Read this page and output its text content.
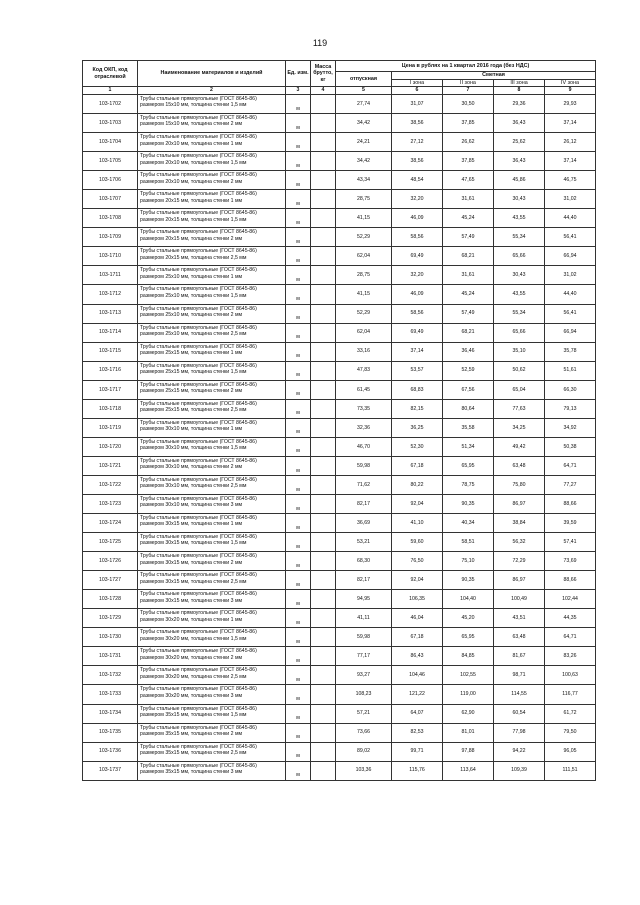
119
Код ОКП, код отраслевой	Наименование материалов и изделий	Ед. изм.	Масса брутто, кг	Цена в рублях на 1 квартал 2016 года (без НДС)				
				отпускная	Сметная			
					I зона	II зона	III зона	IV зона
1	2	3	4	5	6	7	8	9
103-1702	Трубы стальные прямоугольные (ГОСТ 8645-86)
размером 15х10 мм, толщина стенки 1,5 мм	м		27,74	31,07	30,50	29,36	29,93
103-1703	Трубы стальные прямоугольные (ГОСТ 8645-86)
размером 15х10 мм, толщина стенки 2 мм	м		34,42	38,56	37,85	36,43	37,14
103-1704	Трубы стальные прямоугольные (ГОСТ 8645-86)
размером 20х10 мм, толщина стенки 1 мм	м		24,21	27,12	26,62	25,62	26,12
103-1705	Трубы стальные прямоугольные (ГОСТ 8645-86)
размером 20х10 мм, толщина стенки 1,5 мм	м		34,42	38,56	37,85	36,43	37,14
103-1706	Трубы стальные прямоугольные (ГОСТ 8645-86)
размером 20х10 мм, толщина стенки 2 мм	м		43,34	48,54	47,65	45,86	46,75
103-1707	Трубы стальные прямоугольные (ГОСТ 8645-86)
размером 20х15 мм, толщина стенки 1 мм	м		28,75	32,20	31,61	30,43	31,02
103-1708	Трубы стальные прямоугольные (ГОСТ 8645-86)
размером 20х15 мм, толщина стенки 1,5 мм	м		41,15	46,09	45,24	43,55	44,40
103-1709	Трубы стальные прямоугольные (ГОСТ 8645-86)
размером 20х15 мм, толщина стенки 2 мм	м		52,29	58,56	57,49	55,34	56,41
103-1710	Трубы стальные прямоугольные (ГОСТ 8645-86)
размером 20х15 мм, толщина стенки 2,5 мм	м		62,04	69,49	68,21	65,66	66,94
103-1711	Трубы стальные прямоугольные (ГОСТ 8645-86)
размером 25х10 мм, толщина стенки 1 мм	м		28,75	32,20	31,61	30,43	31,02
103-1712	Трубы стальные прямоугольные (ГОСТ 8645-86)
размером 25х10 мм, толщина стенки 1,5 мм	м		41,15	46,09	45,24	43,55	44,40
103-1713	Трубы стальные прямоугольные (ГОСТ 8645-86)
размером 25х10 мм, толщина стенки 2 мм	м		52,29	58,56	57,49	55,34	56,41
103-1714	Трубы стальные прямоугольные (ГОСТ 8645-86)
размером 25х10 мм, толщина стенки 2,5 мм	м		62,04	69,49	68,21	65,66	66,94
103-1715	Трубы стальные прямоугольные (ГОСТ 8645-86)
размером 25х15 мм, толщина стенки 1 мм	м		33,16	37,14	36,46	35,10	35,78
103-1716	Трубы стальные прямоугольные (ГОСТ 8645-86)
размером 25х15 мм, толщина стенки 1,5 мм	м		47,83	53,57	52,59	50,62	51,61
103-1717	Трубы стальные прямоугольные (ГОСТ 8645-86)
размером 25х15 мм, толщина стенки 2 мм	м		61,45	68,83	67,56	65,04	66,30
103-1718	Трубы стальные прямоугольные (ГОСТ 8645-86)
размером 25х15 мм, толщина стенки 2,5 мм	м		73,35	82,15	80,64	77,63	79,13
103-1719	Трубы стальные прямоугольные (ГОСТ 8645-86)
размером 30х10 мм, толщина стенки 1 мм	м		32,36	36,25	35,58	34,25	34,92
103-1720	Трубы стальные прямоугольные (ГОСТ 8645-86)
размером 30х10 мм, толщина стенки 1,5 мм	м		46,70	52,30	51,34	49,42	50,38
103-1721	Трубы стальные прямоугольные (ГОСТ 8645-86)
размером 30х10 мм, толщина стенки 2 мм	м		59,98	67,18	65,95	63,48	64,71
103-1722	Трубы стальные прямоугольные (ГОСТ 8645-86)
размером 30х10 мм, толщина стенки 2,5 мм	м		71,62	80,22	78,75	75,80	77,27
103-1723	Трубы стальные прямоугольные (ГОСТ 8645-86)
размером 30х10 мм, толщина стенки 3 мм	м		82,17	92,04	90,35	86,97	88,66
103-1724	Трубы стальные прямоугольные (ГОСТ 8645-86)
размером 30х15 мм, толщина стенки 1 мм	м		36,69	41,10	40,34	38,84	39,59
103-1725	Трубы стальные прямоугольные (ГОСТ 8645-86)
размером 30х15 мм, толщина стенки 1,5 мм	м		53,21	59,60	58,51	56,32	57,41
103-1726	Трубы стальные прямоугольные (ГОСТ 8645-86)
размером 30х15 мм, толщина стенки 2 мм	м		68,30	76,50	75,10	72,29	73,69
103-1727	Трубы стальные прямоугольные (ГОСТ 8645-86)
размером 30х15 мм, толщина стенки 2,5 мм	м		82,17	92,04	90,35	86,97	88,66
103-1728	Трубы стальные прямоугольные (ГОСТ 8645-86)
размером 30х15 мм, толщина стенки 3 мм	м		94,95	106,35	104,40	100,49	102,44
103-1729	Трубы стальные прямоугольные (ГОСТ 8645-86)
размером 30х20 мм, толщина стенки 1 мм	м		41,11	46,04	45,20	43,51	44,35
103-1730	Трубы стальные прямоугольные (ГОСТ 8645-86)
размером 30х20 мм, толщина стенки 1,5 мм	м		59,98	67,18	65,95	63,48	64,71
103-1731	Трубы стальные прямоугольные (ГОСТ 8645-86)
размером 30х20 мм, толщина стенки 2 мм	м		77,17	86,43	84,85	81,67	83,26
103-1732	Трубы стальные прямоугольные (ГОСТ 8645-86)
размером 30х20 мм, толщина стенки 2,5 мм	м		93,27	104,46	102,55	98,71	100,63
103-1733	Трубы стальные прямоугольные (ГОСТ 8645-86)
размером 30х20 мм, толщина стенки 3 мм	м		108,23	121,22	119,00	114,55	116,77
103-1734	Трубы стальные прямоугольные (ГОСТ 8645-86)
размером 35х15 мм, толщина стенки 1,5 мм	м		57,21	64,07	62,90	60,54	61,72
103-1735	Трубы стальные прямоугольные (ГОСТ 8645-86)
размером 35х15 мм, толщина стенки 2 мм	м		73,66	82,53	81,01	77,98	79,50
103-1736	Трубы стальные прямоугольные (ГОСТ 8645-86)
размером 35х15 мм, толщина стенки 2,5 мм	м		89,02	99,71	97,88	94,22	96,05
103-1737	Трубы стальные прямоугольные (ГОСТ 8645-86)
размером 35х15 мм, толщина стенки 3 мм	м		103,36	115,76	113,64	109,39	111,51
